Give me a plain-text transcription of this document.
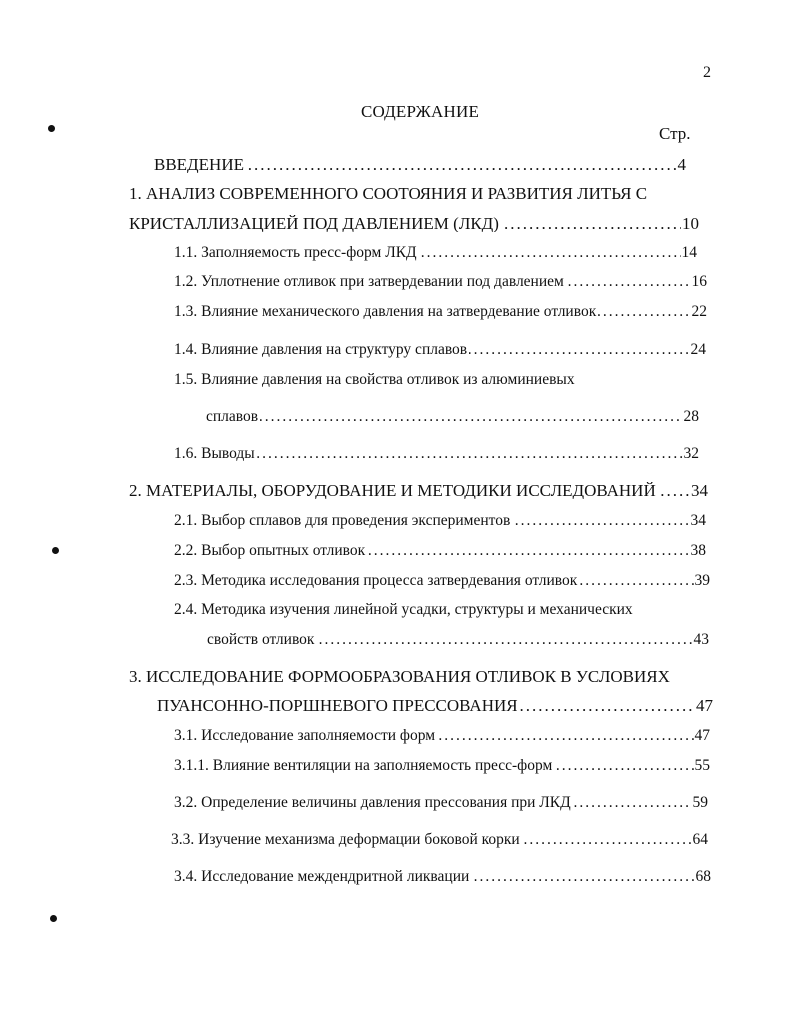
2
СОДЕРЖАНИЕ
Стр.
ВВЕДЕНИЕ	4
.....
1. АНАЛИЗ СОВРЕМЕННОГО СООТОЯНИЯ И РАЗВИТИЯ ЛИТЬЯ С
КРИСТАЛЛИЗАЦИЕЙ ПОД ДАВЛЕНИЕМ (ЛКД)	10
.....
1.1. Заполняемость пресс-форм ЛКД	14
.....
1.2. Уплотнение отливок при затвердевании под давлением	16
.....
1.3. Влияние механического давления на затвердевание отливок	22
.....
1.4. Влияние давления на структуру сплавов	24
.....
1.5. Влияние давления на свойства отливок из алюминиевых
сплавов	28
.....
1.6. Выводы	32
.....
2. МАТЕРИАЛЫ, ОБОРУДОВАНИЕ И МЕТОДИКИ ИССЛЕДОВАНИЙ 34
.....
2.1. Выбор сплавов для проведения экспериментов	34
.....
2.2. Выбор опытных отливок	38
.....
2.3. Методика исследования процесса затвердевания отливок	39
.....
2.4. Методика изучения линейной усадки, структуры и механических
свойств отливок	43
.....
3. ИССЛЕДОВАНИЕ ФОРМООБРАЗОВАНИЯ ОТЛИВОК В УСЛОВИЯХ
ПУАНСОННО-ПОРШНЕВОГО ПРЕССОВАНИЯ	47
.....
3.1. Исследование заполняемости форм	47
.....
3.1.1. Влияние вентиляции на заполняемость пресс-форм	55
.....
3.2. Определение величины давления прессования при ЛКД	59
.....
3.3. Изучение механизма деформации боковой корки	64
.....
3.4. Исследование междендритной ликвации	68
.....
